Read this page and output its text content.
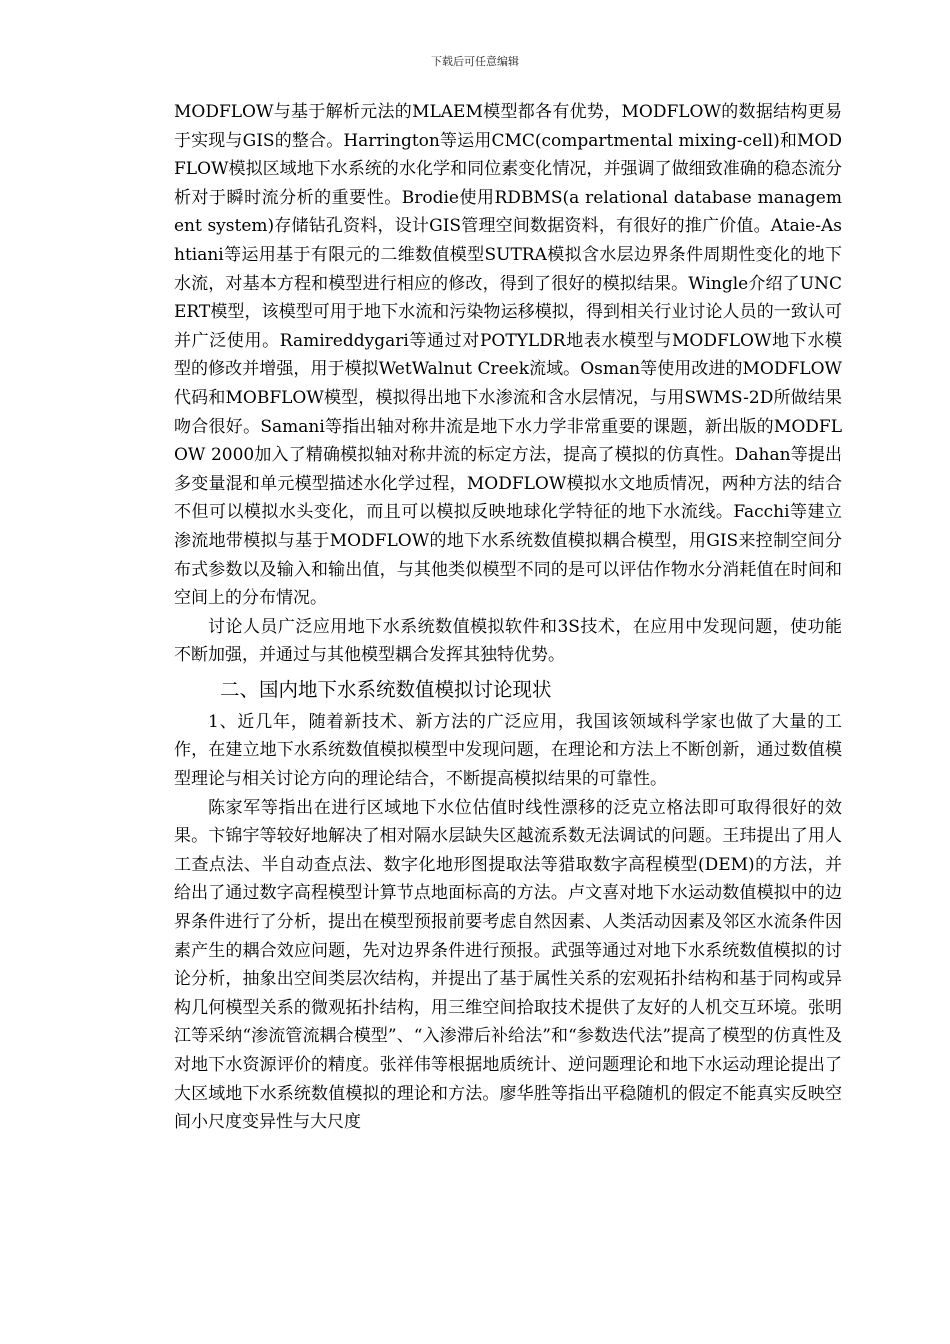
下载后可任意编辑

MODFLOW与基于解析元法的MLAEM模型都各有优势，MODFLOW的数据结构更易于实现与GIS的整合。Harrington等运用CMC(compartmental mixing-cell)和MODFLOW模拟区域地下水系统的水化学和同位素变化情况，并强调了做细致准确的稳态流分析对于瞬时流分析的重要性。Brodie使用RDBMS(a relational database management system)存储钻孔资料，设计GIS管理空间数据资料，有很好的推广价值。Ataie-Ashtiani等运用基于有限元的二维数值模型SUTRA模拟含水层边界条件周期性变化的地下水流，对基本方程和模型进行相应的修改，得到了很好的模拟结果。Wingle介绍了UNCERT模型，该模型可用于地下水流和污染物运移模拟，得到相关行业讨论人员的一致认可并广泛使用。Ramireddygari等通过对POTYLDR地表水模型与MODFLOW地下水模型的修改并增强，用于模拟WetWalnut Creek流域。Osman等使用改进的MODFLOW代码和MOBFLOW模型，模拟得出地下水渗流和含水层情况，与用SWMS-2D所做结果吻合很好。Samani等指出轴对称井流是地下水力学非常重要的课题，新出版的MODFLOW 2000加入了精确模拟轴对称井流的标定方法，提高了模拟的仿真性。Dahan等提出多变量混和单元模型描述水化学过程，MODFLOW模拟水文地质情况，两种方法的结合不但可以模拟水头变化，而且可以模拟反映地球化学特征的地下水流线。Facchi等建立渗流地带模拟与基于MODFLOW的地下水系统数值模拟耦合模型，用GIS来控制空间分布式参数以及输入和输出值，与其他类似模型不同的是可以评估作物水分消耗值在时间和空间上的分布情况。

讨论人员广泛应用地下水系统数值模拟软件和3S技术，在应用中发现问题，使功能不断加强，并通过与其他模型耦合发挥其独特优势。

二、国内地下水系统数值模拟讨论现状

1、近几年，随着新技术、新方法的广泛应用，我国该领域科学家也做了大量的工作，在建立地下水系统数值模拟模型中发现问题，在理论和方法上不断创新，通过数值模型理论与相关讨论方向的理论结合，不断提高模拟结果的可靠性。

陈家军等指出在进行区域地下水位估值时线性漂移的泛克立格法即可取得很好的效果。卞锦宇等较好地解决了相对隔水层缺失区越流系数无法调试的问题。王玮提出了用人工查点法、半自动查点法、数字化地形图提取法等猎取数字高程模型(DEM)的方法，并给出了通过数字高程模型计算节点地面标高的方法。卢文喜对地下水运动数值模拟中的边界条件进行了分析，提出在模型预报前要考虑自然因素、人类活动因素及邻区水流条件因素产生的耦合效应问题，先对边界条件进行预报。武强等通过对地下水系统数值模拟的讨论分析，抽象出空间类层次结构，并提出了基于属性关系的宏观拓扑结构和基于同构或异构几何模型关系的微观拓扑结构，用三维空间拾取技术提供了友好的人机交互环境。张明江等采纳“渗流管流耦合模型”、“入渗滞后补给法”和“参数迭代法”提高了模型的仿真性及对地下水资源评价的精度。张祥伟等根据地质统计、逆问题理论和地下水运动理论提出了大区域地下水系统数值模拟的理论和方法。廖华胜等指出平稳随机的假定不能真实反映空间小尺度变异性与大尺度
